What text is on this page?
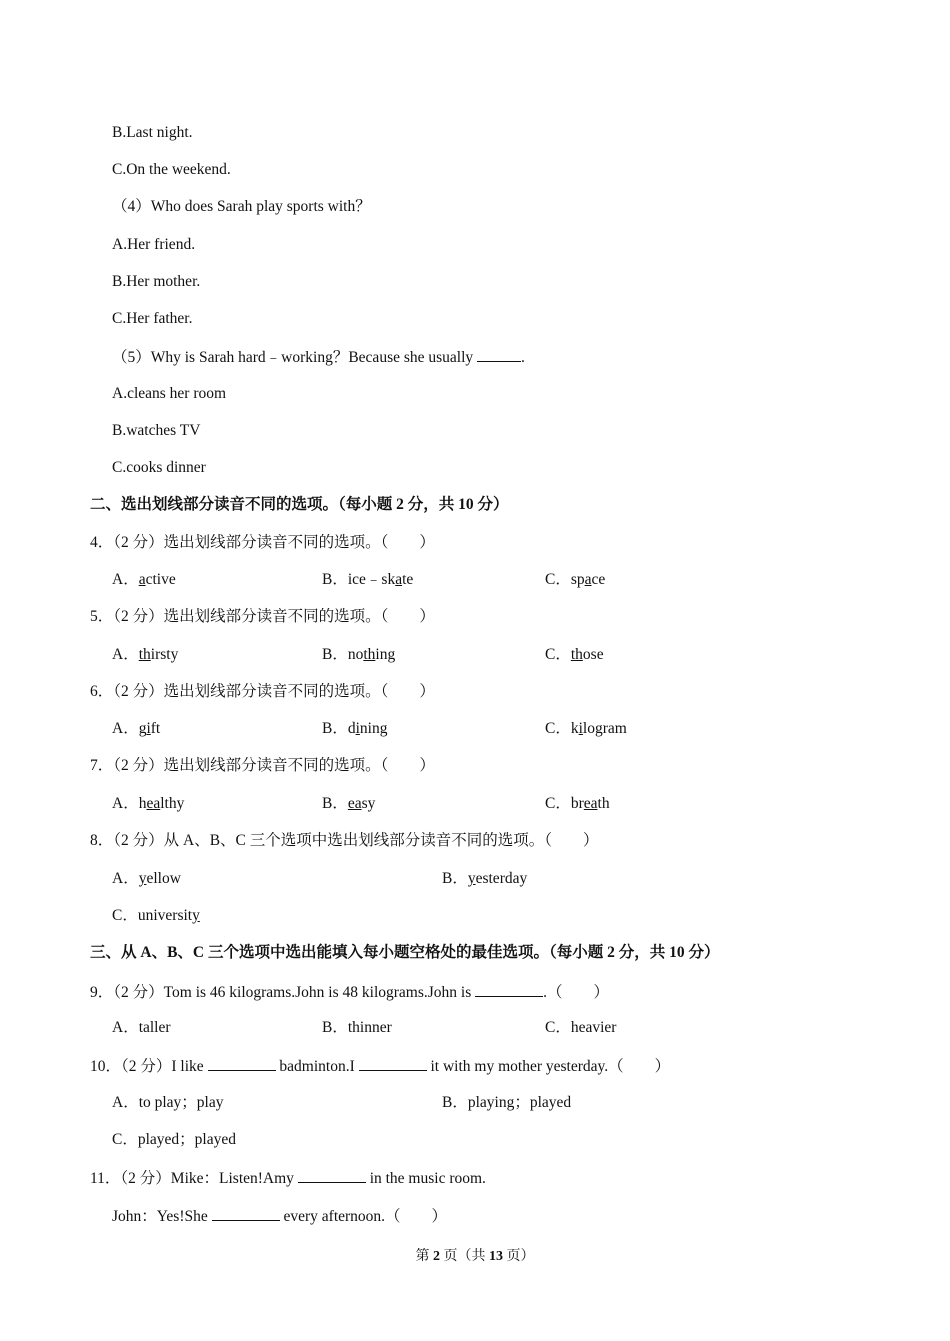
B.Last night.
C.On the weekend.
（4）Who does Sarah play sports with？
A.Her friend.
B.Her mother.
C.Her father.
（5）Why is Sarah hard﹣working？Because she usually	.
A.cleans her room
B.watches TV
C.cooks dinner
二、选出划线部分读音不同的选项。（每小题 2 分，共 10 分）
4．（2 分）选出划线部分读音不同的选项。（　　）
A．active	B．ice﹣skate	C．space
5．（2 分）选出划线部分读音不同的选项。（　　）
A．thirsty	B．nothing	C．those
6．（2 分）选出划线部分读音不同的选项。（　　）
A．gift	B．dining	C．kilogram
7．（2 分）选出划线部分读音不同的选项。（　　）
A．healthy	B．easy	C．breath
8．（2 分）从 A、B、C 三个选项中选出划线部分读音不同的选项。（　　）
A．yellow	B．yesterday
C．university
三、从 A、B、C 三个选项中选出能填入每小题空格处的最佳选项。（每小题 2 分，共 10 分）
9．（2 分）Tom is 46 kilograms.John is 48 kilograms.John is	.（　　）
A．taller	B．thinner	C．heavier
10．（2 分）I like	badminton.I	it with my mother yesterday.（　　）
A．to play；play	B．playing；played
C．played；played
11．（2 分）Mike：Listen!Amy	in the music room.
John：Yes!She	every afternoon.（　　）
第 2 页（共 13 页）
